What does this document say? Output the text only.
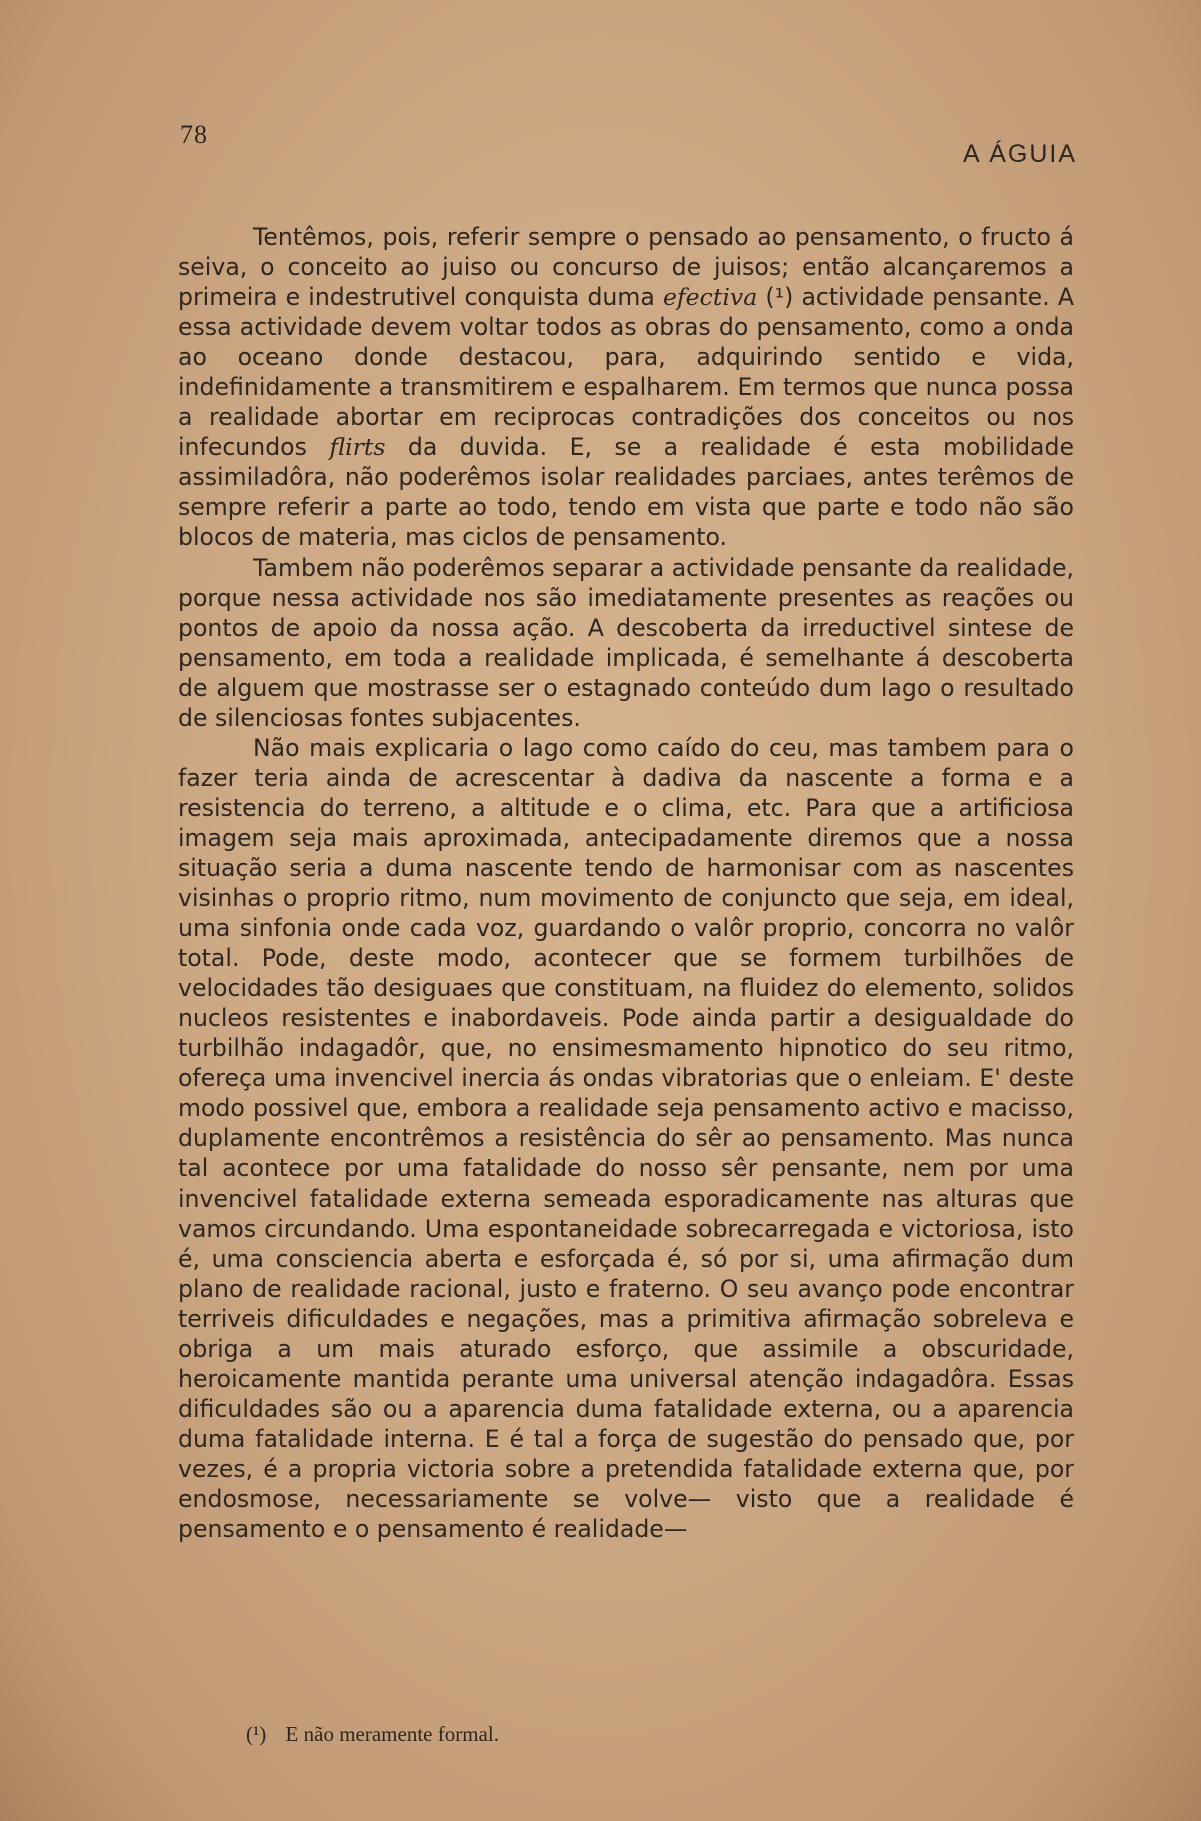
78
A ÁGUIA

Tentêmos, pois, referir sempre o pensado ao pensamento, o fructo á seiva, o conceito ao juiso ou concurso de juisos; então alcançaremos a primeira e indestrutivel conquista duma efectiva (¹) actividade pensante. A essa actividade devem voltar todos as obras do pensamento, como a onda ao oceano donde destacou, para, adquirindo sentido e vida, indefinidamente a transmitirem e espalharem. Em termos que nunca possa a realidade abortar em reciprocas contradições dos conceitos ou nos infecundos flirts da duvida. E, se a realidade é esta mobilidade assimiladôra, não poderêmos isolar realidades parciaes, antes terêmos de sempre referir a parte ao todo, tendo em vista que parte e todo não são blocos de materia, mas ciclos de pensamento.

Tambem não poderêmos separar a actividade pensante da realidade, porque nessa actividade nos são imediatamente presentes as reações ou pontos de apoio da nossa ação. A descoberta da irreductivel sintese de pensamento, em toda a realidade implicada, é semelhante á descoberta de alguem que mostrasse ser o estagnado conteúdo dum lago o resultado de silenciosas fontes subjacentes.

Não mais explicaria o lago como caído do ceu, mas tambem para o fazer teria ainda de acrescentar à dadiva da nascente a forma e a resistencia do terreno, a altitude e o clima, etc. Para que a artificiosa imagem seja mais aproximada, antecipadamente diremos que a nossa situação seria a duma nascente tendo de harmonisar com as nascentes visinhas o proprio ritmo, num movimento de conjuncto que seja, em ideal, uma sinfonia onde cada voz, guardando o valôr proprio, concorra no valôr total. Pode, deste modo, acontecer que se formem turbilhões de velocidades tão desiguaes que constituam, na fluidez do elemento, solidos nucleos resistentes e inabordaveis. Pode ainda partir a desigualdade do turbilhão indagadôr, que, no ensimesmamento hipnotico do seu ritmo, ofereça uma invencivel inercia ás ondas vibratorias que o enleiam. E' deste modo possivel que, embora a realidade seja pensamento activo e macisso, duplamente encontrêmos a resistência do sêr ao pensamento. Mas nunca tal acontece por uma fatalidade do nosso sêr pensante, nem por uma invencivel fatalidade externa semeada esporadicamente nas alturas que vamos circundando. Uma espontaneidade sobrecarregada e victoriosa, isto é, uma consciencia aberta e esforçada é, só por si, uma afirmação dum plano de realidade racional, justo e fraterno. O seu avanço pode encontrar terriveis dificuldades e negações, mas a primitiva afirmação sobreleva e obriga a um mais aturado esforço, que assimile a obscuridade, heroicamente mantida perante uma universal atenção indagadôra. Essas dificuldades são ou a aparencia duma fatalidade externa, ou a aparencia duma fatalidade interna. E é tal a força de sugestão do pensado que, por vezes, é a propria victoria sobre a pretendida fatalidade externa que, por endosmose, necessariamente se volve— visto que a realidade é pensamento e o pensamento é realidade—

(¹) E não meramente formal.
